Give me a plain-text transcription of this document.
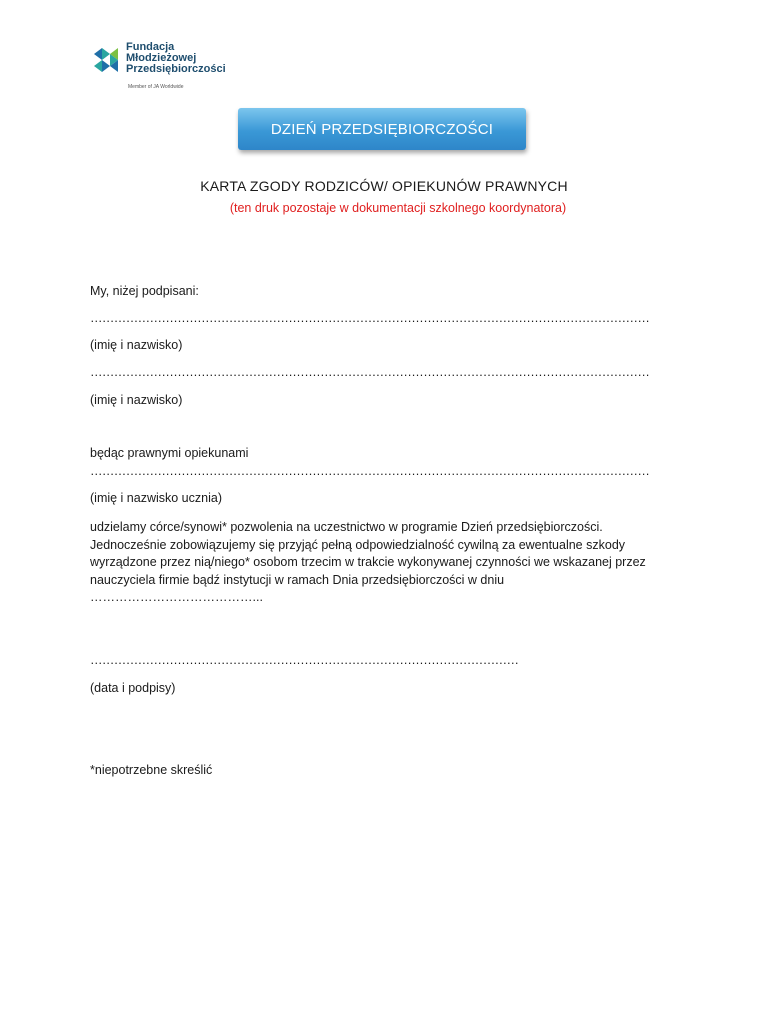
Fundacja
Młodzieżowej
Przedsiębiorczości
Member of JA Worldwide
DZIEŃ PRZEDSIĘBIORCZOŚCI
KARTA ZGODY RODZICÓW/ OPIEKUNÓW PRAWNYCH
(ten druk pozostaje w dokumentacji szkolnego koordynatora)
My, niżej podpisani:
……………………………………………………………………………………………………………………………
(imię i nazwisko)
……………………………………………………………………………………………………………………………
(imię i nazwisko)
będąc prawnymi opiekunami
……………………………………………………………………………………………………………………………
(imię i nazwisko ucznia)
udzielamy córce/synowi* pozwolenia na uczestnictwo w programie Dzień przedsiębiorczości. Jednocześnie zobowiązujemy się przyjąć pełną odpowiedzialność cywilną za ewentualne szkody wyrządzone przez nią/niego* osobom trzecim w trakcie wykonywanej czynności we wskazanej przez nauczyciela firmie bądź instytucji w ramach Dnia przedsiębiorczości w dniu …………………………………...
………………………………………………………………………………………………
(data i podpisy)
*niepotrzebne skreślić
